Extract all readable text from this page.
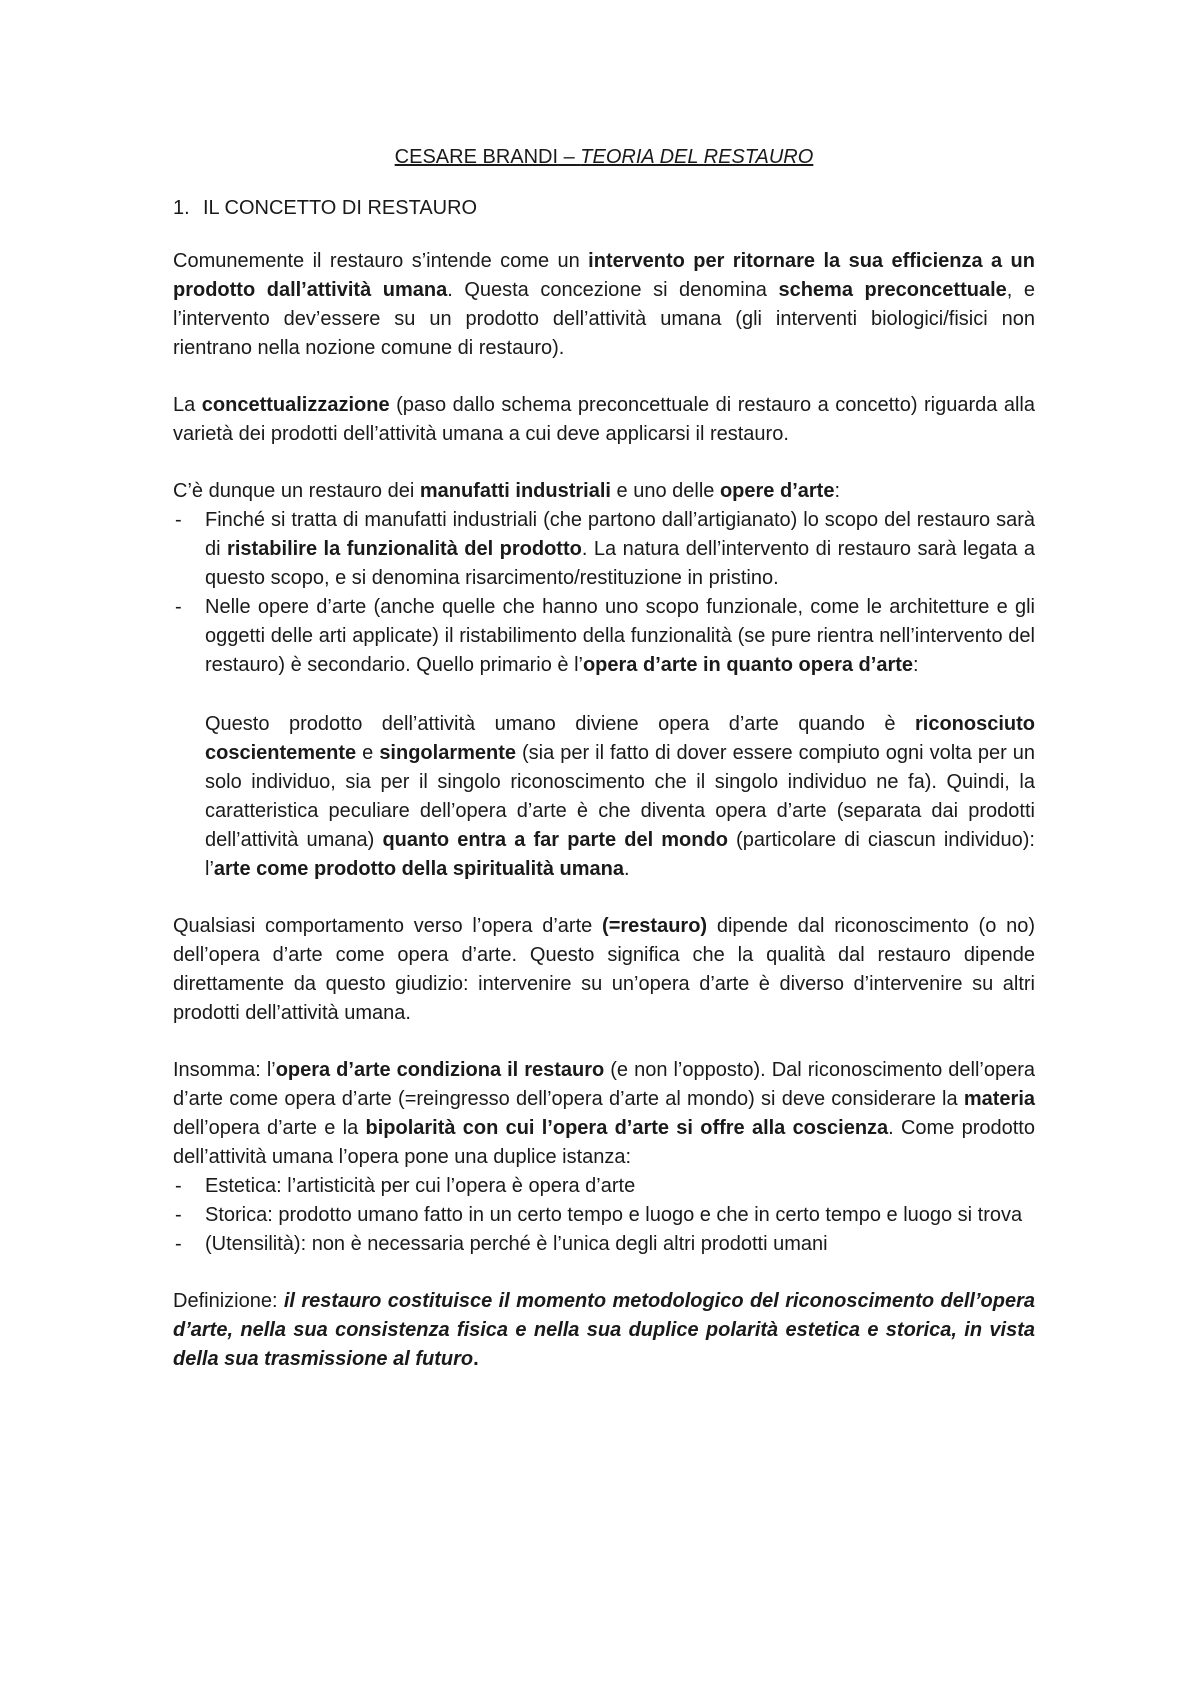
CESARE BRANDI – TEORIA DEL RESTAURO
1. IL CONCETTO DI RESTAURO

Comunemente il restauro s’intende come un intervento per ritornare la sua efficienza a un prodotto dall’attività umana. Questa concezione si denomina schema preconcettuale, e l’intervento dev’essere su un prodotto dell’attività umana (gli interventi biologici/fisici non rientrano nella nozione comune di restauro).

La concettualizzazione (paso dallo schema preconcettuale di restauro a concetto) riguarda alla varietà dei prodotti dell’attività umana a cui deve applicarsi il restauro.

C’è dunque un restauro dei manufatti industriali e uno delle opere d’arte:

- Finché si tratta di manufatti industriali (che partono dall’artigianato) lo scopo del restauro sarà di ristabilire la funzionalità del prodotto. La natura dell’intervento di restauro sarà legata a questo scopo, e si denomina risarcimento/restituzione in pristino.
- Nelle opere d’arte (anche quelle che hanno uno scopo funzionale, come le architetture e gli oggetti delle arti applicate) il ristabilimento della funzionalità (se pure rientra nell’intervento del restauro) è secondario. Quello primario è l’opera d’arte in quanto opera d’arte:

Questo prodotto dell’attività umano diviene opera d’arte quando è riconosciuto coscientemente e singolarmente (sia per il fatto di dover essere compiuto ogni volta per un solo individuo, sia per il singolo riconoscimento che il singolo individuo ne fa). Quindi, la caratteristica peculiare dell’opera d’arte è che diventa opera d’arte (separata dai prodotti dell’attività umana) quanto entra a far parte del mondo (particolare di ciascun individuo): l’arte come prodotto della spiritualità umana.

Qualsiasi comportamento verso l’opera d’arte (=restauro) dipende dal riconoscimento (o no) dell’opera d’arte come opera d’arte. Questo significa che la qualità dal restauro dipende direttamente da questo giudizio: intervenire su un’opera d’arte è diverso d’intervenire su altri prodotti dell’attività umana.

Insomma: l’opera d’arte condiziona il restauro (e non l’opposto). Dal riconoscimento dell’opera d’arte come opera d’arte (=reingresso dell’opera d’arte al mondo) si deve considerare la materia dell’opera d’arte e la bipolarità con cui l’opera d’arte si offre alla coscienza. Come prodotto dell’attività umana l’opera pone una duplice istanza:

- Estetica: l’artisticità per cui l’opera è opera d’arte
- Storica: prodotto umano fatto in un certo tempo e luogo e che in certo tempo e luogo si trova
- (Utensilità): non è necessaria perché è l’unica degli altri prodotti umani

Definizione: il restauro costituisce il momento metodologico del riconoscimento dell’opera d’arte, nella sua consistenza fisica e nella sua duplice polarità estetica e storica, in vista della sua trasmissione al futuro.
